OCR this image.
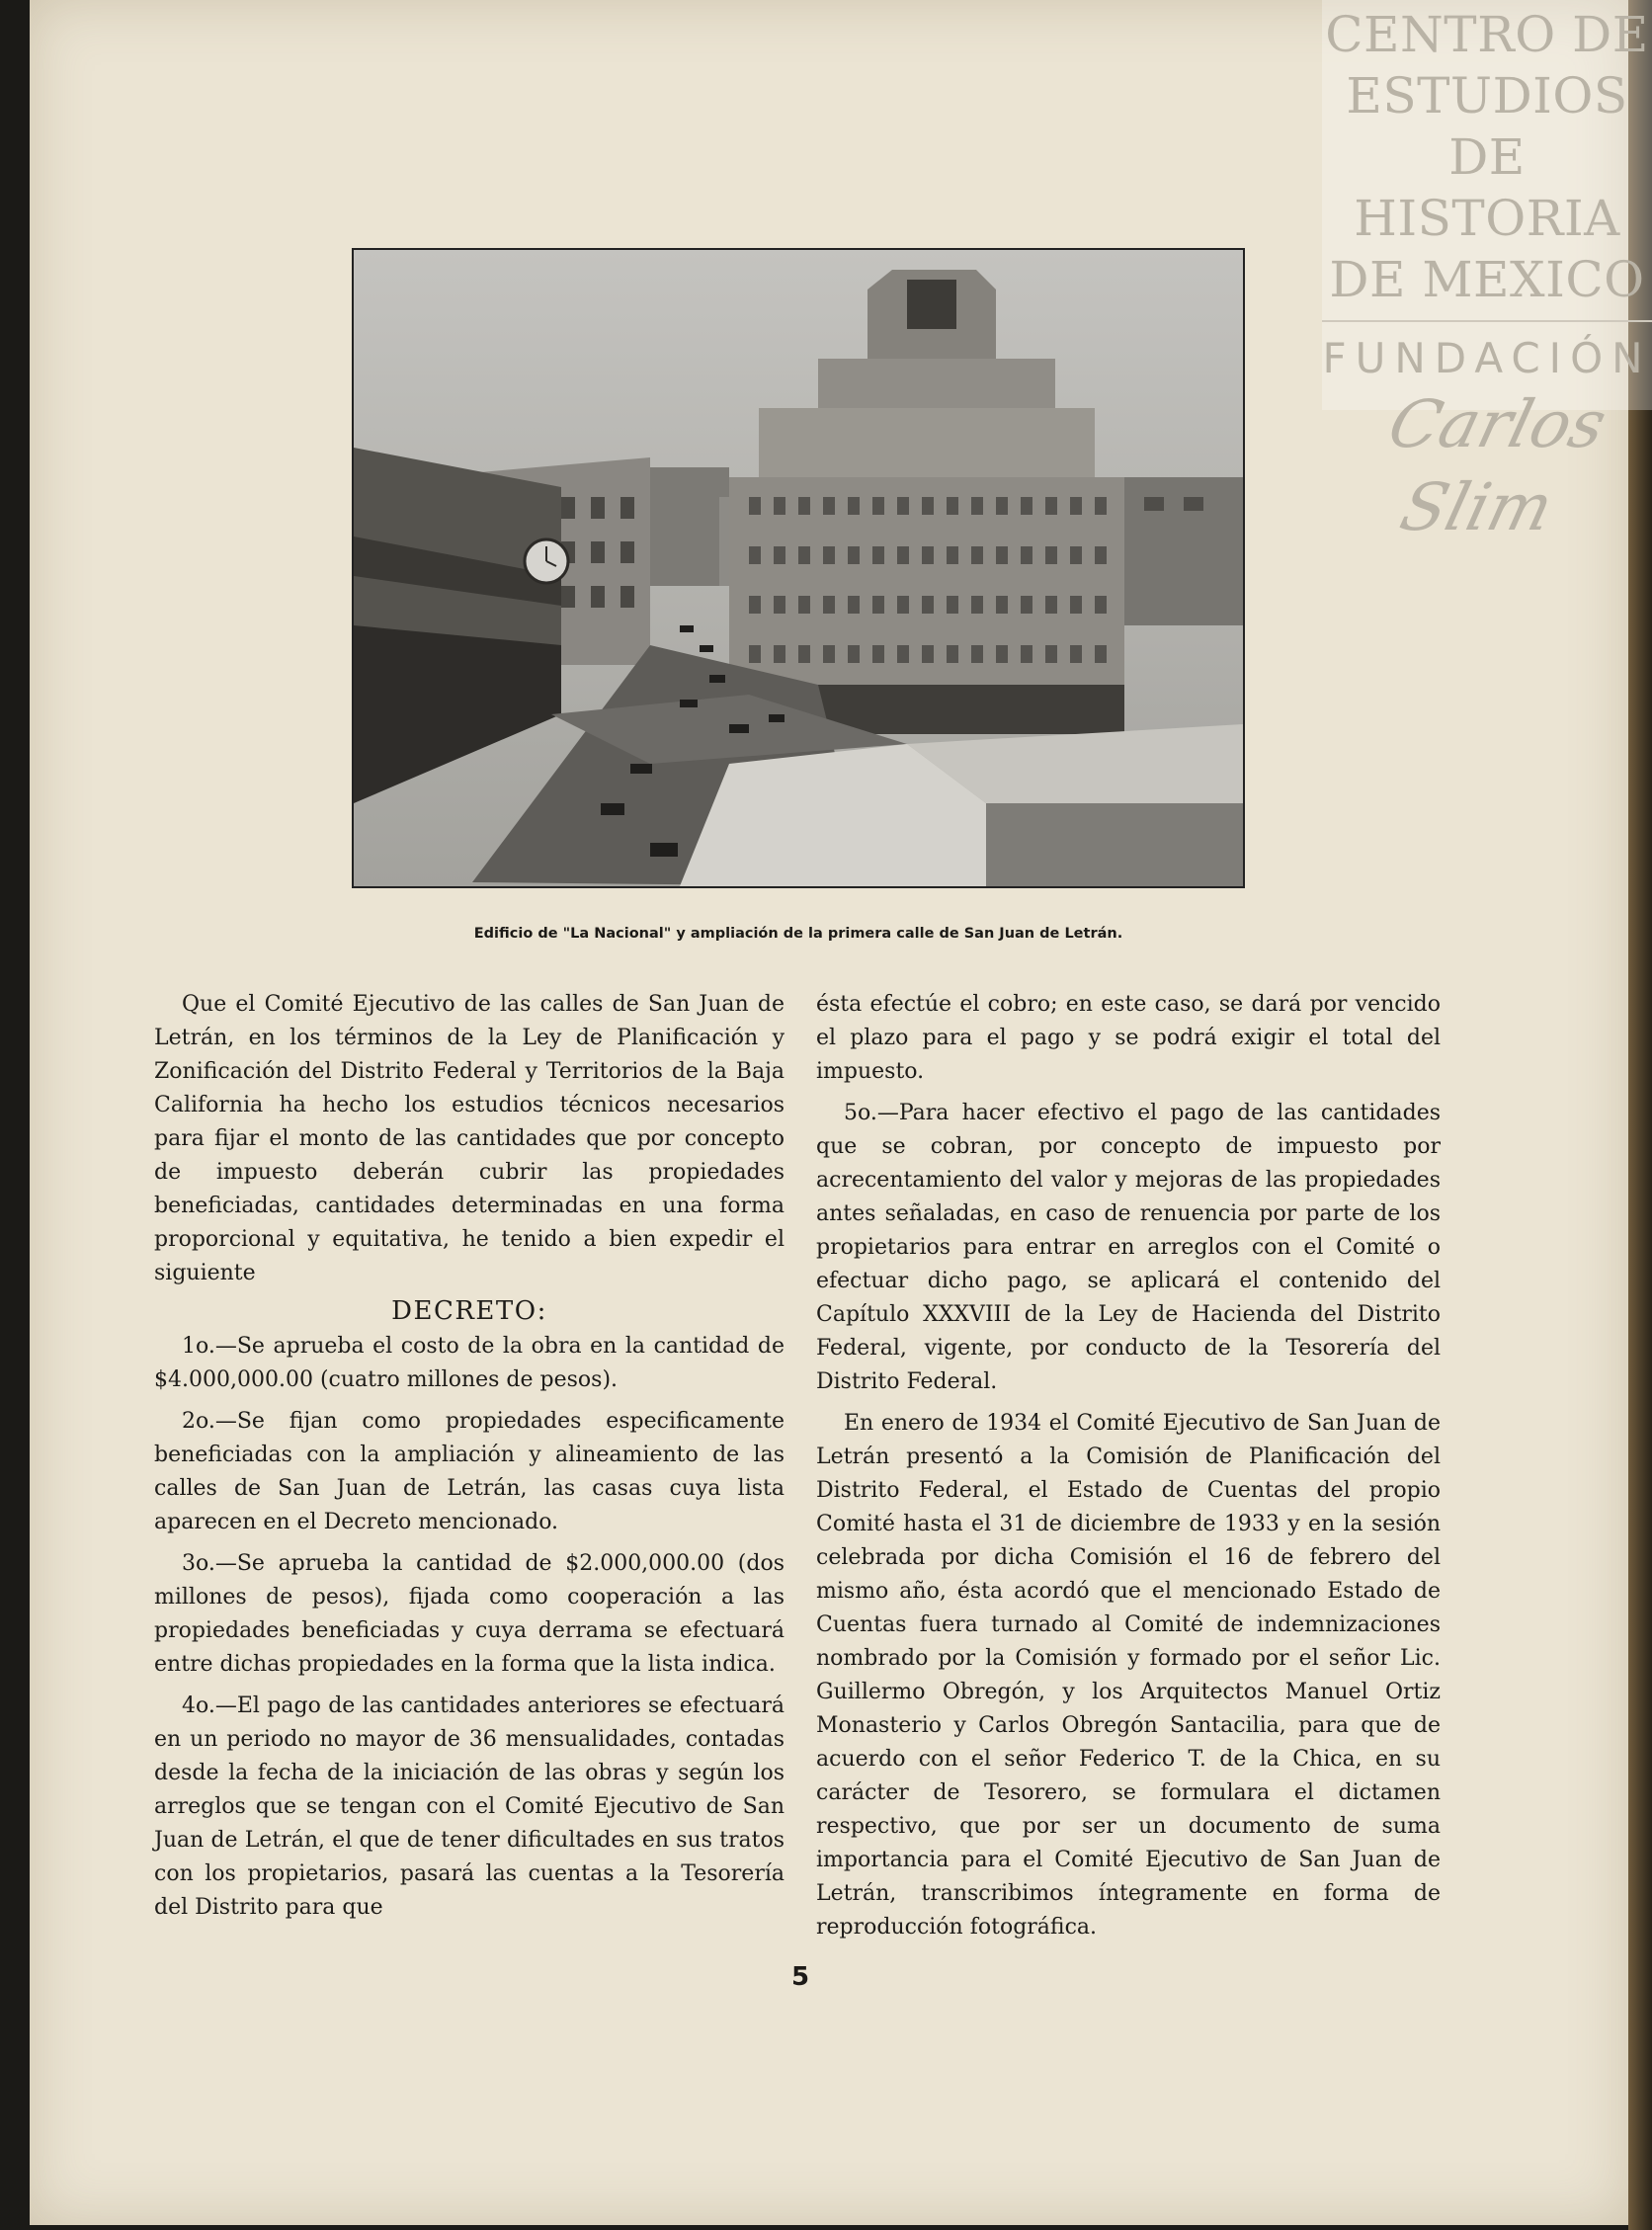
CENTRO DE
ESTUDIOS
DE HISTORIA
DE MEXICO
FUNDACIÓN
Carlos Slim
Edificio de "La Nacional" y ampliación de la primera calle de San Juan de Letrán.

Que el Comité Ejecutivo de las calles de San Juan de Letrán, en los términos de la Ley de Planificación y Zonificación del Distrito Federal y Territorios de la Baja California ha hecho los estudios técnicos necesarios para fijar el monto de las cantidades que por concepto de impuesto deberán cubrir las propiedades beneficiadas, cantidades determinadas en una forma proporcional y equitativa, he tenido a bien expedir el siguiente

DECRETO:

1o.—Se aprueba el costo de la obra en la cantidad de $4.000,000.00 (cuatro millones de pesos).

2o.—Se fijan como propiedades especificamente beneficiadas con la ampliación y alineamiento de las calles de San Juan de Letrán, las casas cuya lista aparecen en el Decreto mencionado.

3o.—Se aprueba la cantidad de $2.000,000.00 (dos millones de pesos), fijada como cooperación a las propiedades beneficiadas y cuya derrama se efectuará entre dichas propiedades en la forma que la lista indica.

4o.—El pago de las cantidades anteriores se efectuará en un periodo no mayor de 36 mensualidades, contadas desde la fecha de la iniciación de las obras y según los arreglos que se tengan con el Comité Ejecutivo de San Juan de Letrán, el que de tener dificultades en sus tratos con los propietarios, pasará las cuentas a la Tesorería del Distrito para que

ésta efectúe el cobro; en este caso, se dará por vencido el plazo para el pago y se podrá exigir el total del impuesto.

5o.—Para hacer efectivo el pago de las cantidades que se cobran, por concepto de impuesto por acrecentamiento del valor y mejoras de las propiedades antes señaladas, en caso de renuencia por parte de los propietarios para entrar en arreglos con el Comité o efectuar dicho pago, se aplicará el contenido del Capítulo XXXVIII de la Ley de Hacienda del Distrito Federal, vigente, por conducto de la Tesorería del Distrito Federal.

En enero de 1934 el Comité Ejecutivo de San Juan de Letrán presentó a la Comisión de Planificación del Distrito Federal, el Estado de Cuentas del propio Comité hasta el 31 de diciembre de 1933 y en la sesión celebrada por dicha Comisión el 16 de febrero del mismo año, ésta acordó que el mencionado Estado de Cuentas fuera turnado al Comité de indemnizaciones nombrado por la Comisión y formado por el señor Lic. Guillermo Obregón, y los Arquitectos Manuel Ortiz Monasterio y Carlos Obregón Santacilia, para que de acuerdo con el señor Federico T. de la Chica, en su carácter de Tesorero, se formulara el dictamen respectivo, que por ser un documento de suma importancia para el Comité Ejecutivo de San Juan de Letrán, transcribimos íntegramente en forma de reproducción fotográfica.

5
